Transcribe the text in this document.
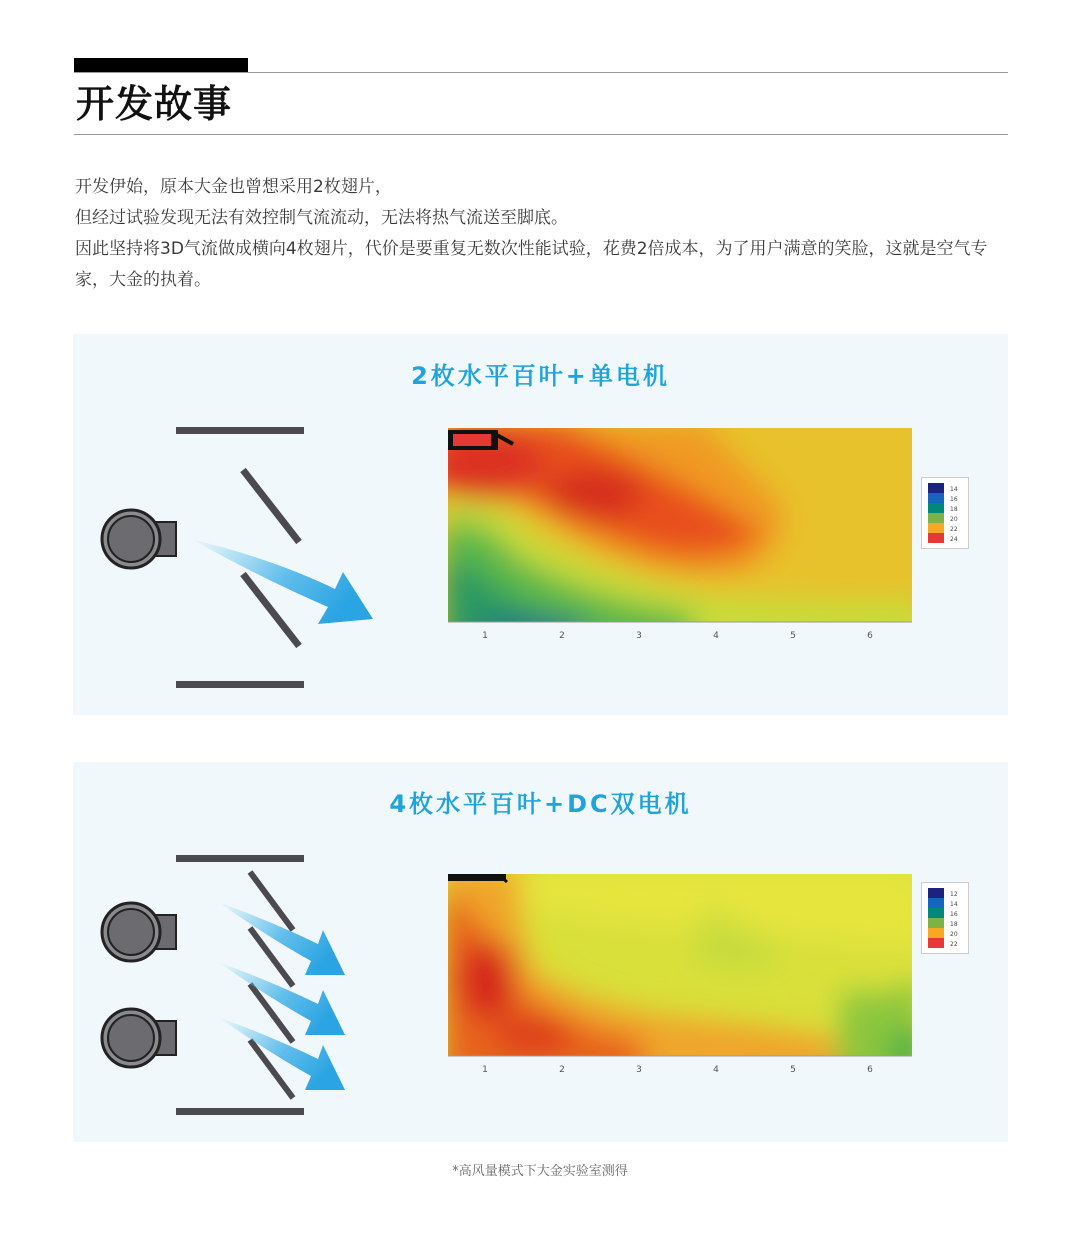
开发故事

开发伊始，原本大金也曾想采用2枚翅片，

但经过试验发现无法有效控制气流流动，无法将热气流送至脚底。

因此坚持将3D气流做成横向4枚翅片，代价是要重复无数次性能试验，花费2倍成本，为了用户满意的笑脸，这就是空气专家，大金的执着。

2枚水平百叶+单电机
1	2	3	4	5	6
14
16
18
20
22
24
4枚水平百叶+DC双电机
1	2	3	4	5	6
12
14
16
18
20
22
*高风量模式下大金实验室测得
